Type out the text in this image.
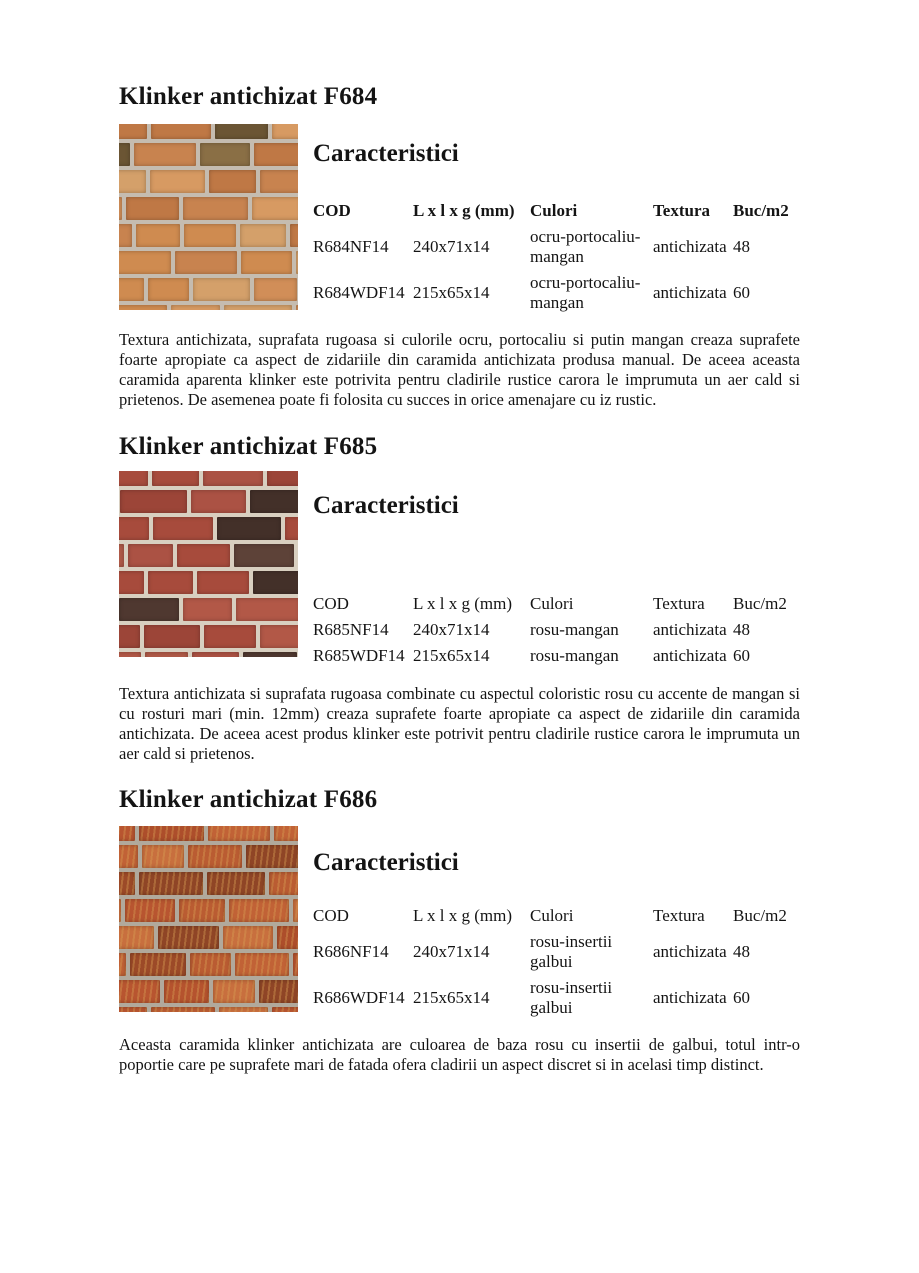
Klinker antichizat F684
Caracteristici
COD	L x l x g (mm)	Culori	Textura	Buc/m2
R684NF14	240x71x14	ocru-portocaliu-mangan	antichizata	48
R684WDF14	215x65x14	ocru-portocaliu-mangan	antichizata	60

Textura antichizata, suprafata rugoasa si culorile ocru, portocaliu si putin mangan creaza suprafete foarte apropiate ca aspect de zidariile din caramida antichizata produsa manual. De aceea aceasta caramida aparenta klinker este potrivita pentru cladirile rustice carora le imprumuta un aer cald si prietenos. De asemenea poate fi folosita cu succes in orice amenajare cu iz rustic.

Klinker antichizat F685
Caracteristici
COD	L x l x g (mm)	Culori	Textura	Buc/m2
R685NF14	240x71x14	rosu-mangan	antichizata	48
R685WDF14	215x65x14	rosu-mangan	antichizata	60

Textura antichizata si suprafata rugoasa combinate cu aspectul coloristic rosu cu accente de mangan si cu rosturi mari (min. 12mm) creaza suprafete foarte apropiate ca aspect de zidariile din caramida antichizata. De aceea acest produs klinker este potrivit pentru cladirile rustice carora le imprumuta un aer cald si prietenos.

Klinker antichizat F686
Caracteristici
COD	L x l x g (mm)	Culori	Textura	Buc/m2
R686NF14	240x71x14	rosu-insertii galbui	antichizata	48
R686WDF14	215x65x14	rosu-insertii galbui	antichizata	60

Aceasta caramida klinker antichizata are culoarea de baza rosu cu insertii de galbui, totul intr-o poportie care pe suprafete mari de fatada ofera cladirii un aspect discret si in acelasi timp distinct.
